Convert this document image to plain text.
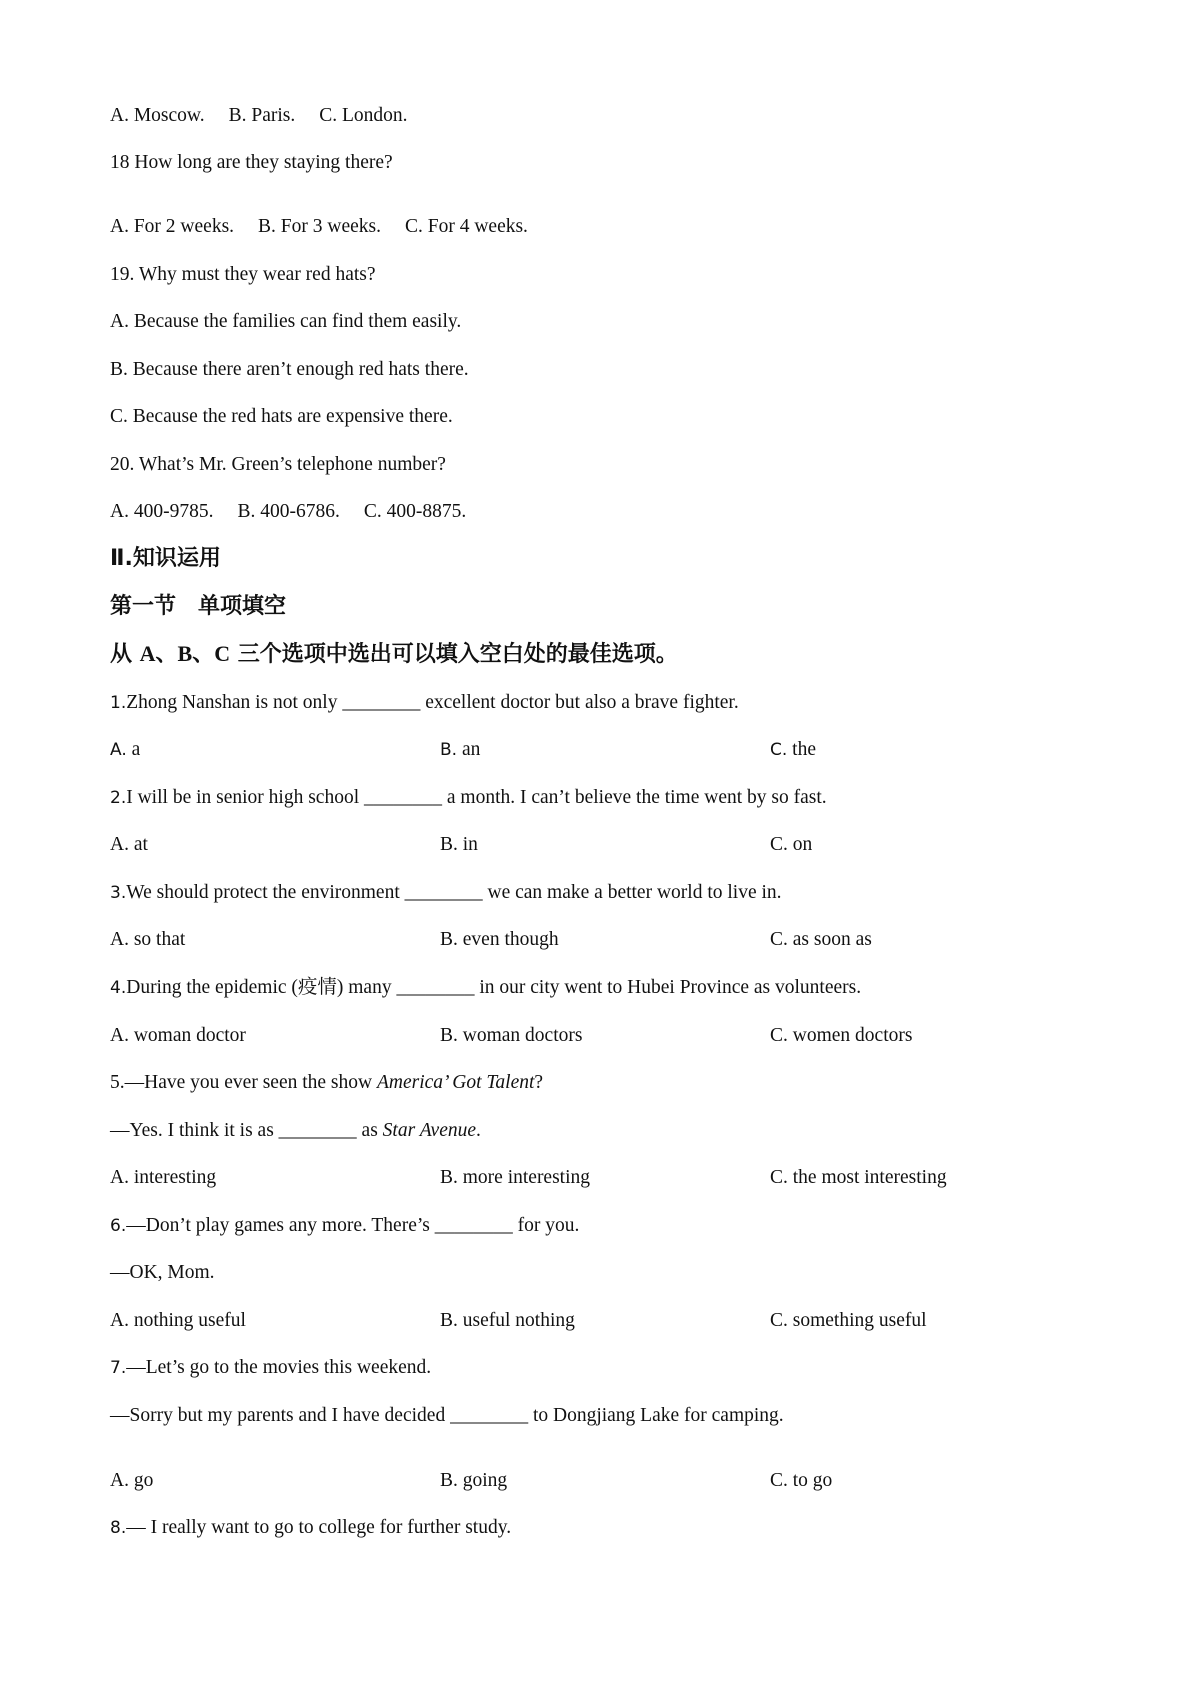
A. Moscow. B. Paris. C. London.
18 How long are they staying there?
A. For 2 weeks. B. For 3 weeks. C. For 4 weeks.
19. Why must they wear red hats?
A. Because the families can find them easily.
B. Because there aren’t enough red hats there.
C. Because the red hats are expensive there.
20. What’s Mr. Green’s telephone number?
A. 400-9785. B. 400-6786. C. 400-8875.
Ⅱ.知识运用
第一节　单项填空
从 A、B、C 三个选项中选出可以填入空白处的最佳选项。
1.Zhong Nanshan is not only ________ excellent doctor but also a brave fighter.
A. a	B. an	C. the
2.I will be in senior high school ________ a month. I can’t believe the time went by so fast.
A. at	B. in	C. on
3.We should protect the environment ________ we can make a better world to live in.
A. so that	B. even though	C. as soon as
4.During the epidemic (疫情) many ________ in our city went to Hubei Province as volunteers.
A. woman doctor	B. woman doctors	C. women doctors
5.—Have you ever seen the show America’ Got Talent?
—Yes. I think it is as ________ as Star Avenue.
A. interesting	B. more interesting	C. the most interesting
6.—Don’t play games any more. There’s ________ for you.
—OK, Mom.
A. nothing useful	B. useful nothing	C. something useful
7.—Let’s go to the movies this weekend.
—Sorry but my parents and I have decided ________ to Dongjiang Lake for camping.
A. go	B. going	C. to go
8.— I really want to go to college for further study.
